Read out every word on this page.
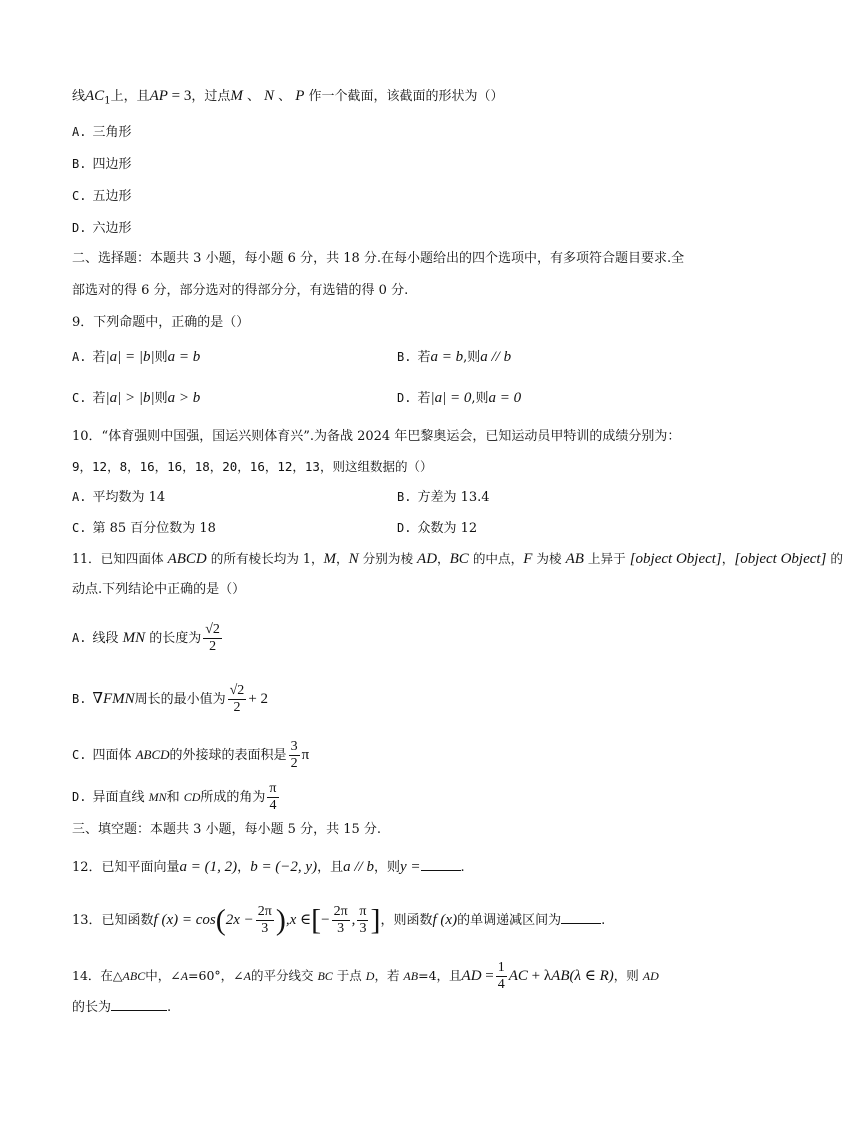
线$AC_1$上，且AP = 3，过点M 、 N 、 P 作一个截面，该截面的形状为（）
A. 三角形
B. 四边形
C. 五边形
D. 六边形
二、选择题：本题共 3 小题，每小题 6 分，共 18 分.在每小题给出的四个选项中，有多项符合题目要求.全
部选对的得 6 分，部分选对的得部分分，有选错的得 0 分.
9．下列命题中，正确的是（）
A. 若|a| = |b|则a = b	B. 若a = b,则a // b
C. 若|a| > |b|则a > b	D. 若|a| = 0,则a = 0
10．“体育强则中国强，国运兴则体育兴”.为备战 2024 年巴黎奥运会，已知运动员甲特训的成绩分别为：
9，12，8，16，16，18，20，16，12，13，则这组数据的（）
A. 平均数为 14	B. 方差为 13.4
C. 第 85 百分位数为 18	D. 众数为 12
11．已知四面体 ABCD 的所有棱长均为 1，M，N 分别为棱 AD，BC 的中点，F 为棱 AB 上异于 [object Object]，[object Object] 的
动点.下列结论中正确的是（）
A. 线段 MN 的长度为 $\frac{√2}{2}$
B. ∇FMN周长的最小值为 $\frac{√2}{2} + 2$
C. 四面体 ABCD的外接球的表面积是 $\frac{3}{2}$ π
D. 异面直线 MN和 CD所成的角为 $\frac{\pi}{4}$
三、填空题：本题共 3 小题，每小题 5 分，共 15 分.
12．已知平面向量a = (1, 2)，b = (−2, y)，且a // b，则y =	.
13．已知函数f $(x) = \cos(2x - \frac{2\pi}{3} ),x$ ∈[− $\frac{2\pi}{3}$ , $\frac{\pi}{3}$ ]，则函数f (x)的单调递减区间为	.
14．在△ABC中，∠A=60°，∠A的平分线交 BC 于点 D，若 AB=4，且AD = $\frac{1}{4}$ AC + λAB(λ ∈ R)，则 AD
的长为	.
